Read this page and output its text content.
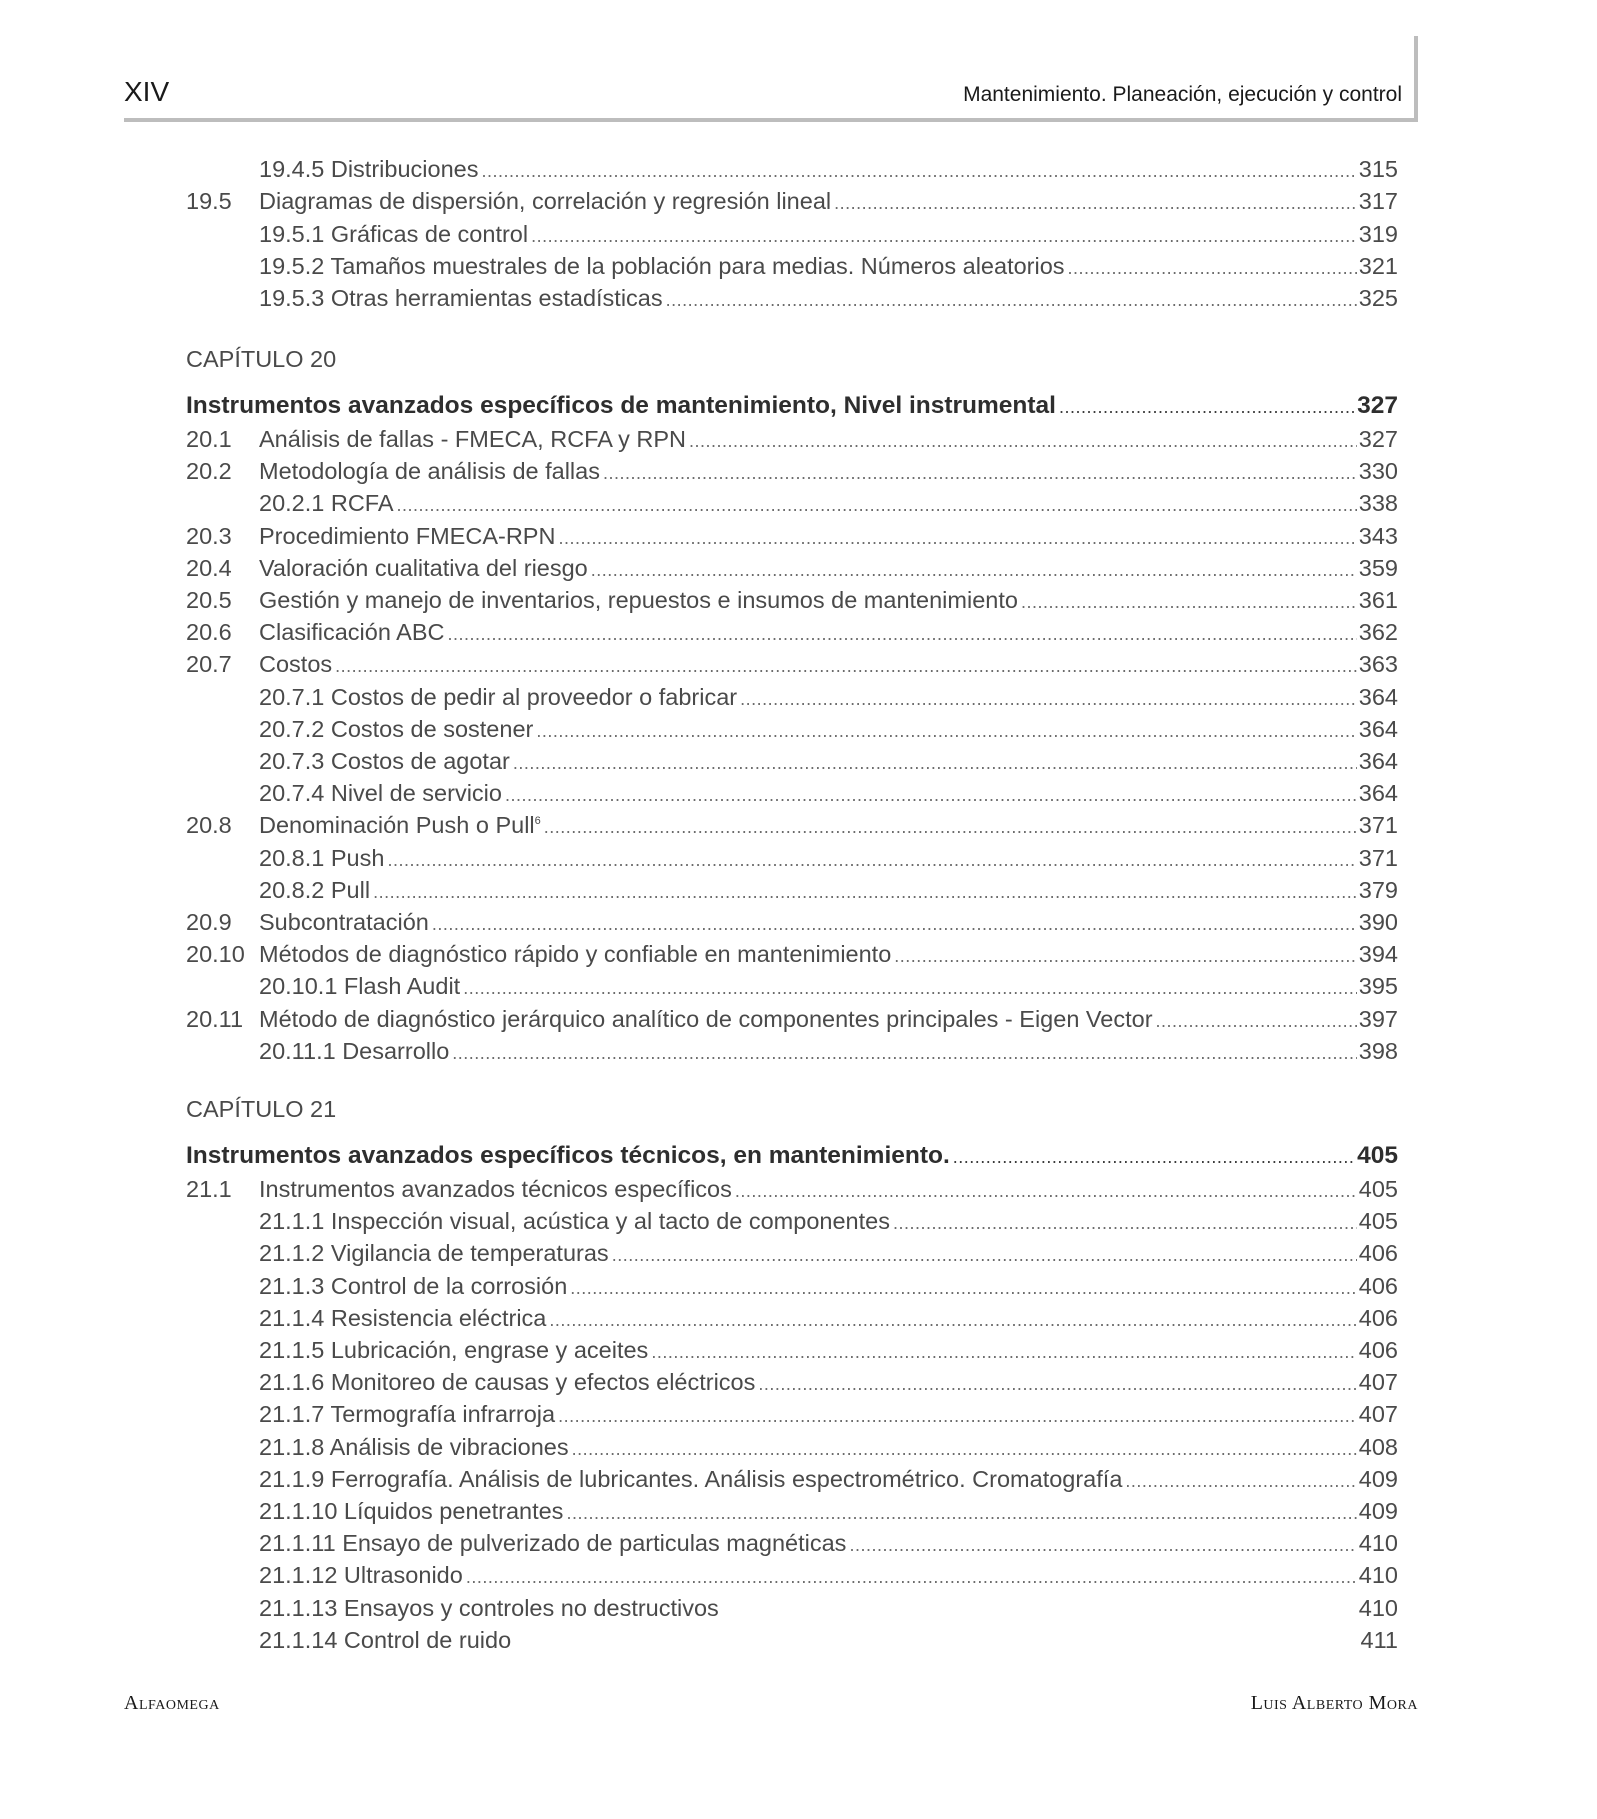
XIV	Mantenimiento. Planeación, ejecución y control
19.4.5 Distribuciones .....	315
19.5	Diagramas de dispersión, correlación y regresión lineal .....	317
19.5.1 Gráficas de control .....	319
19.5.2 Tamaños muestrales de la población para medias. Números aleatorios .....	321
19.5.3 Otras herramientas estadísticas .....	325
CAPÍTULO 20
Instrumentos avanzados específicos de mantenimiento, Nivel instrumental .....	327
20.1	Análisis de fallas - FMECA, RCFA y RPN .....	327
20.2	Metodología de análisis de fallas .....	330
20.2.1 RCFA .....	338
20.3	Procedimiento FMECA-RPN .....	343
20.4	Valoración cualitativa del riesgo .....	359
20.5	Gestión y manejo de inventarios, repuestos e insumos de mantenimiento .....	361
20.6	Clasificación ABC .....	362
20.7	Costos .....	363
20.7.1 Costos de pedir al proveedor o fabricar .....	364
20.7.2 Costos de sostener .....	364
20.7.3 Costos de agotar .....	364
20.7.4 Nivel de servicio .....	364
20.8	Denominación Push o Pull$^6$ .....	371
20.8.1 Push .....	371
20.8.2 Pull .....	379
20.9	Subcontratación .....	390
20.10 Métodos de diagnóstico rápido y confiable en mantenimiento .....	394
20.10.1 Flash Audit .....	395
20.11 Método de diagnóstico jerárquico analítico de componentes principales - Eigen Vector .....	397
20.11.1 Desarrollo .....	398
CAPÍTULO 21
Instrumentos avanzados específicos técnicos, en mantenimiento. .....	405
21.1	Instrumentos avanzados técnicos específicos .....	405
21.1.1 Inspección visual, acústica y al tacto de componentes .....	405
21.1.2 Vigilancia de temperaturas .....	406
21.1.3 Control de la corrosión .....	406
21.1.4 Resistencia eléctrica .....	406
21.1.5 Lubricación, engrase y aceites .....	406
21.1.6 Monitoreo de causas y efectos eléctricos .....	407
21.1.7 Termografía infrarroja .....	407
21.1.8 Análisis de vibraciones .....	408
21.1.9 Ferrografía. Análisis de lubricantes. Análisis espectrométrico. Cromatografía .....	409
21.1.10 Líquidos penetrantes .....	409
21.1.11 Ensayo de pulverizado de particulas magnéticas .....	410
21.1.12 Ultrasonido .....	410
21.1.13 Ensayos y controles no destructivos	410
21.1.14 Control de ruido	411
Alfaomega	Luis Alberto Mora
